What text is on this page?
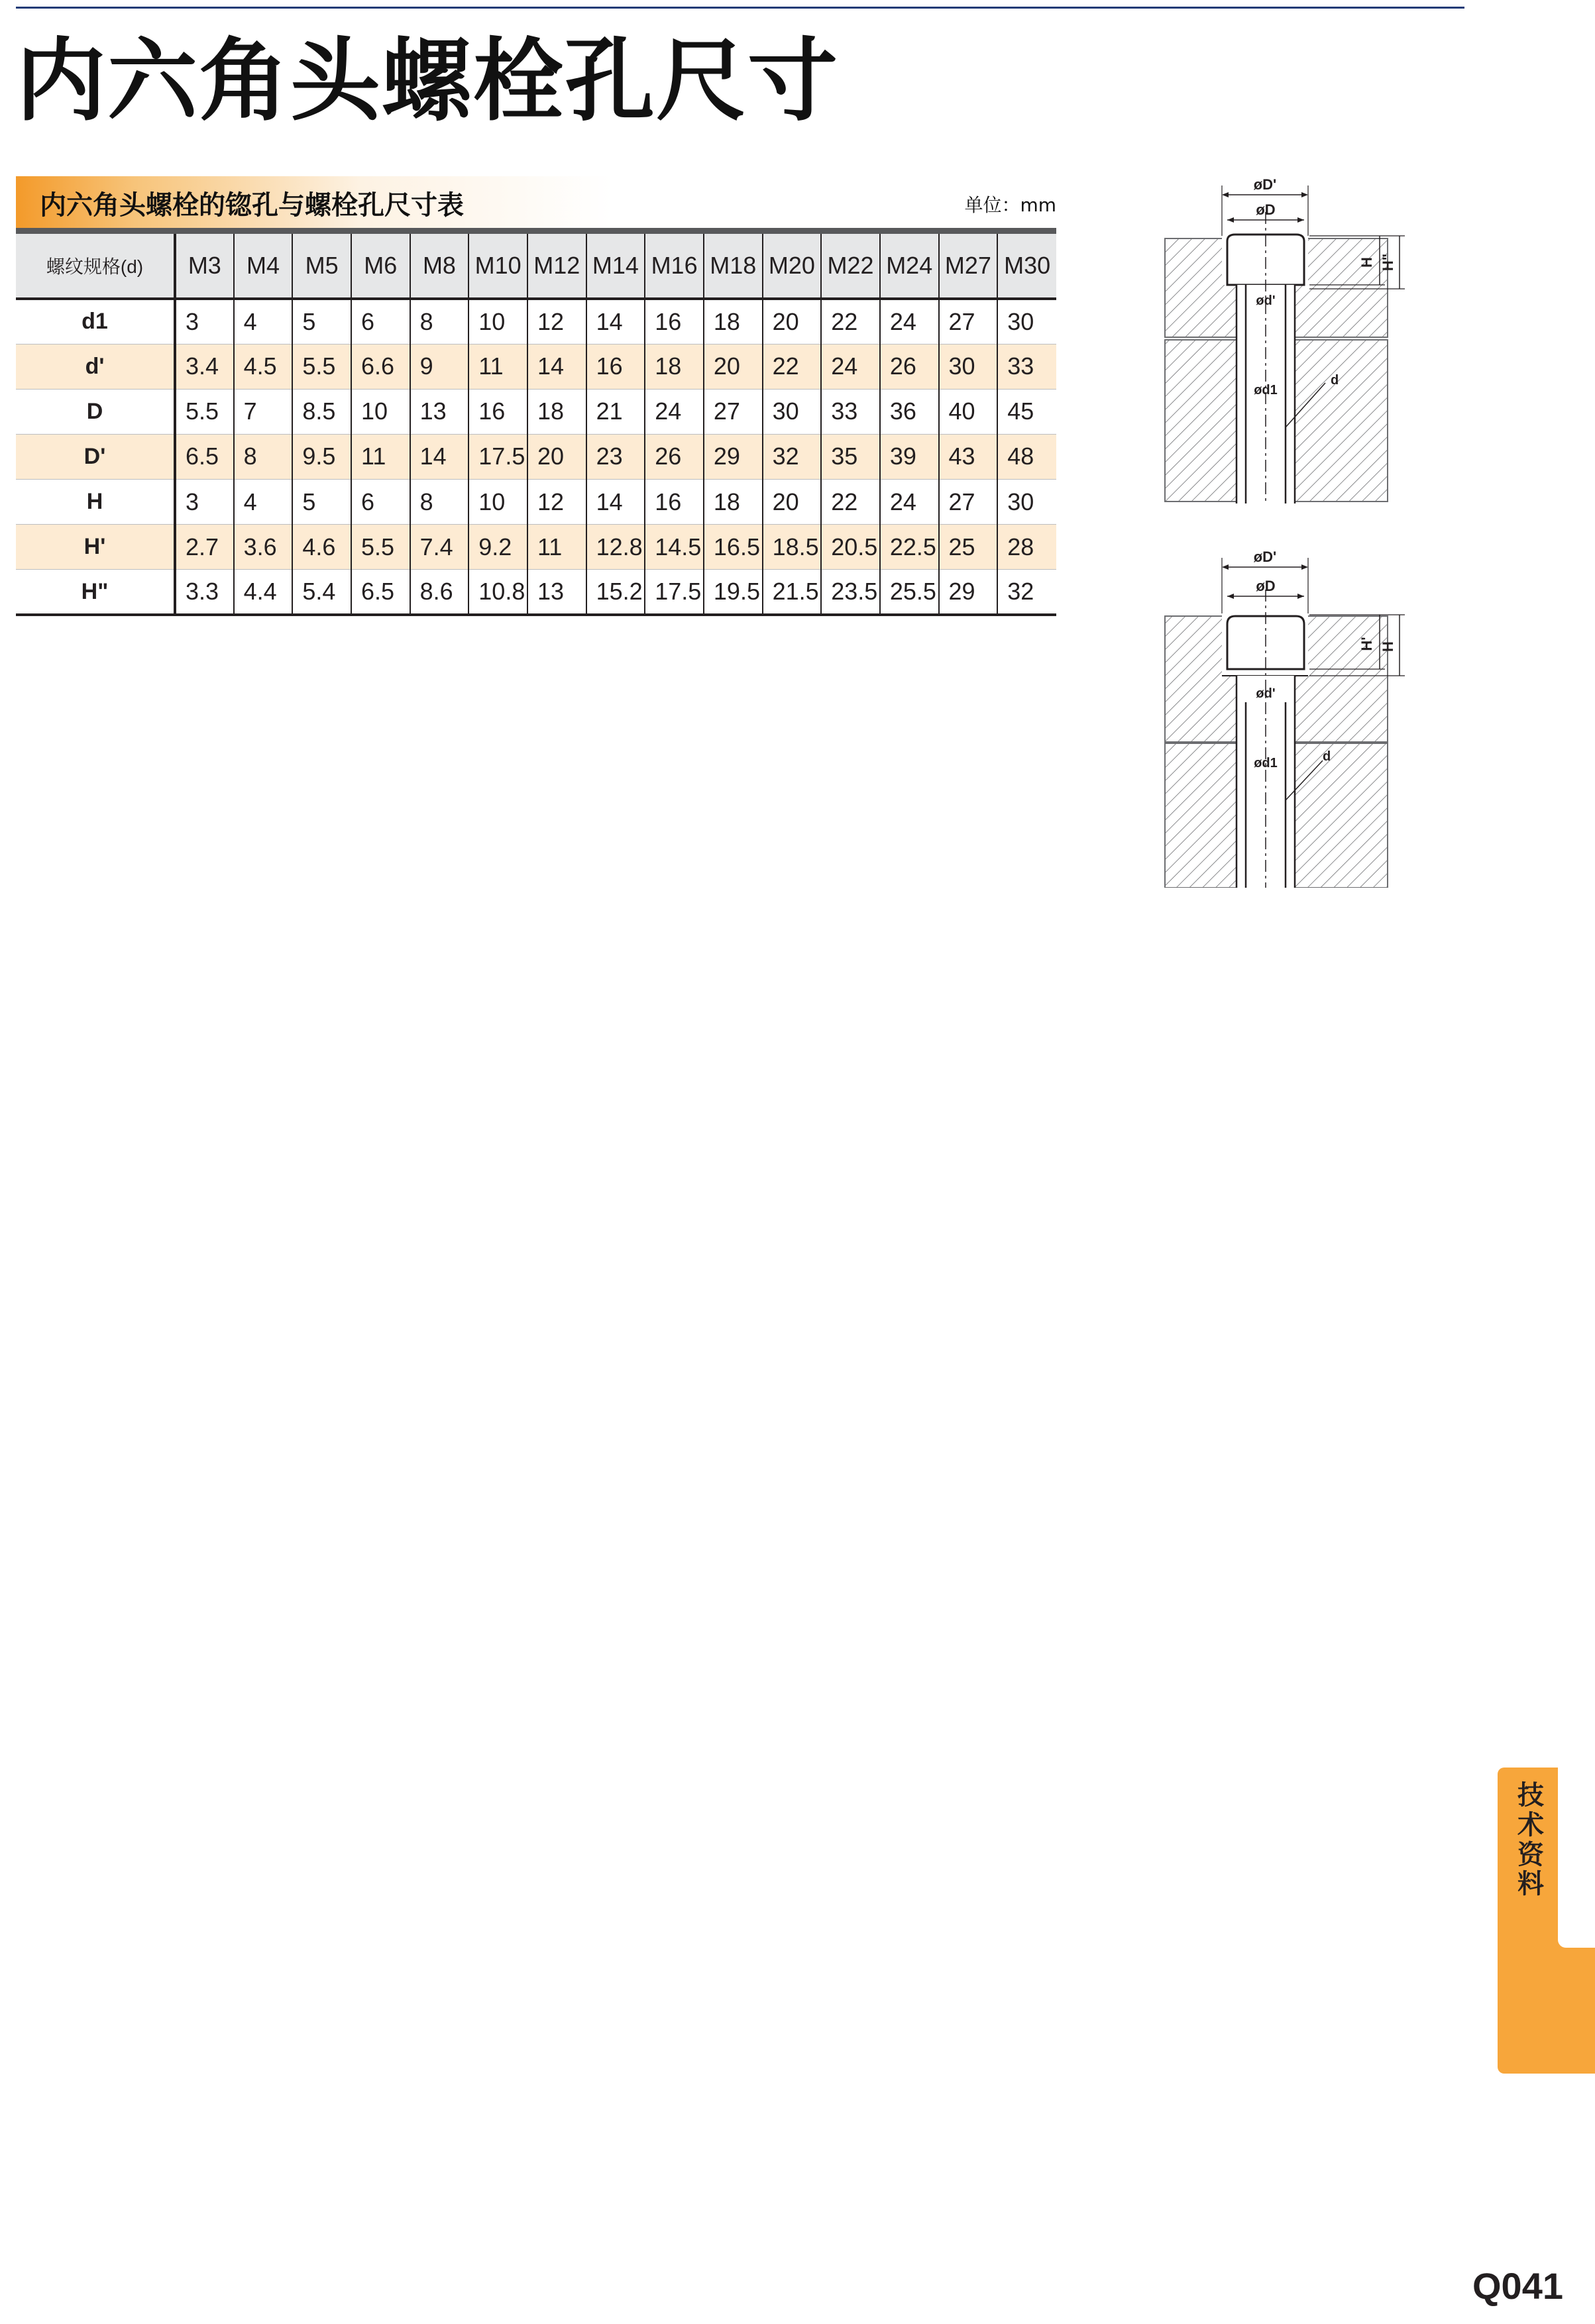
内六角头螺栓孔尺寸
内六角头螺栓的锪孔与螺栓孔尺寸表	单位：mm
螺纹规格(d)	M3	M4	M5	M6	M8	M10	M12	M14	M16	M18	M20	M22	M24	M27	M30
d1	3	4	5	6	8	10	12	14	16	18	20	22	24	27	30
d'	3.4	4.5	5.5	6.6	9	11	14	16	18	20	22	24	26	30	33
D	5.5	7	8.5	10	13	16	18	21	24	27	30	33	36	40	45
D'	6.5	8	9.5	11	14	17.5	20	23	26	29	32	35	39	43	48
H	3	4	5	6	8	10	12	14	16	18	20	22	24	27	30
H'	2.7	3.6	4.6	5.5	7.4	9.2	11	12.8	14.5	16.5	18.5	20.5	22.5	25	28
H"	3.3	4.4	5.4	6.5	8.6	10.8	13	15.2	17.5	19.5	21.5	23.5	25.5	29	32
øD'
øD
ød'
ød1
d
H H"
øD'
øD
ød'
ød1	d
H' H
技术资料
Q041
